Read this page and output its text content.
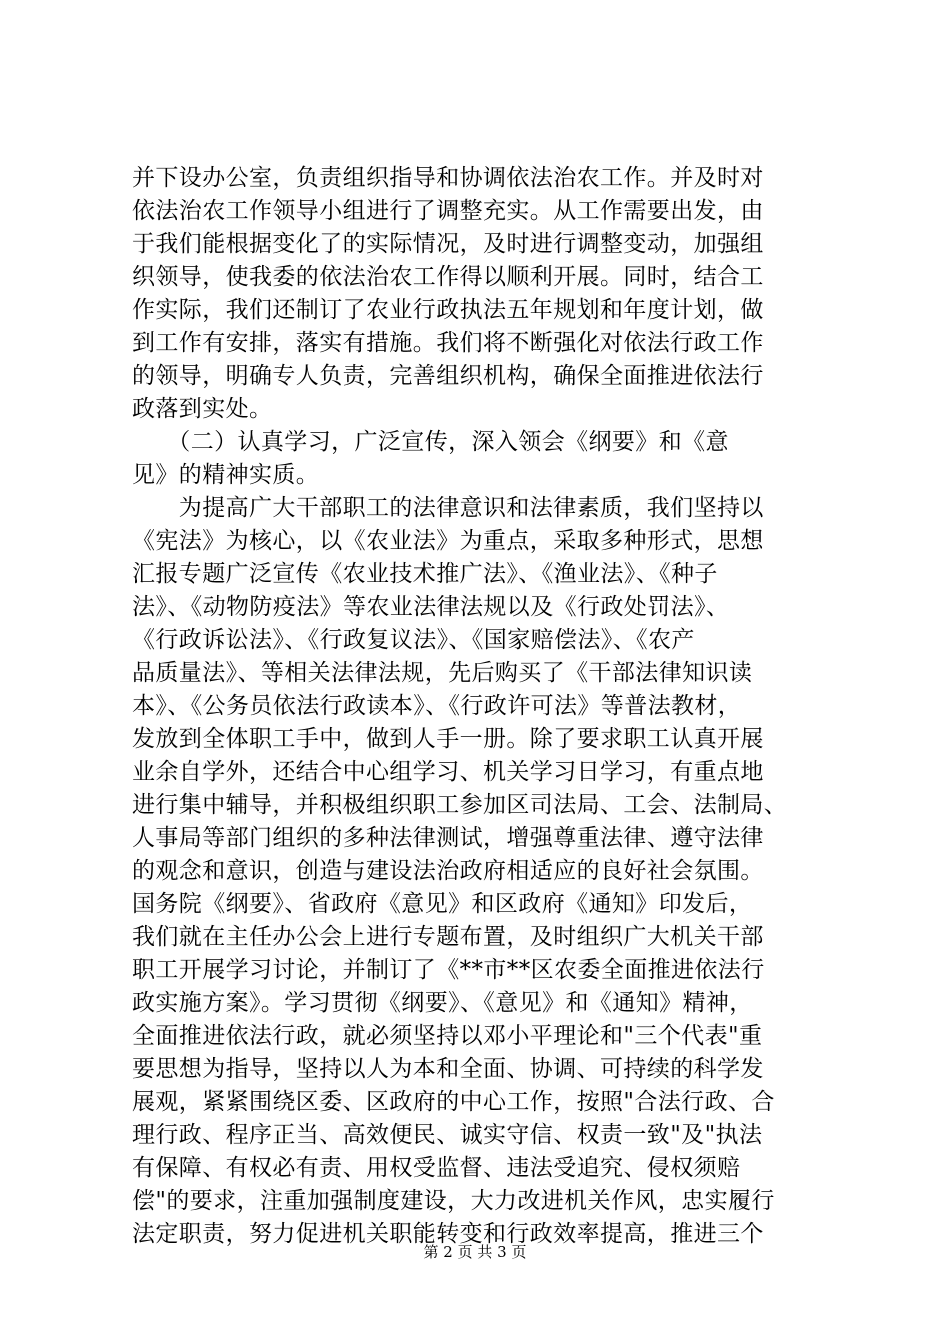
并下设办公室，负责组织指导和协调依法治农工作。并及时对
依法治农工作领导小组进行了调整充实。从工作需要出发，由
于我们能根据变化了的实际情况，及时进行调整变动，加强组
织领导，使我委的依法治农工作得以顺利开展。同时，结合工
作实际，我们还制订了农业行政执法五年规划和年度计划，做
到工作有安排，落实有措施。我们将不断强化对依法行政工作
的领导，明确专人负责，完善组织机构，确保全面推进依法行
政落到实处。
　　（二）认真学习，广泛宣传，深入领会《纲要》和《意
见》的精神实质。
　　为提高广大干部职工的法律意识和法律素质，我们坚持以
《宪法》为核心，以《农业法》为重点，采取多种形式，思想
汇报专题广泛宣传《农业技术推广法》、《渔业法》、《种子
法》、《动物防疫法》等农业法律法规以及《行政处罚法》、
《行政诉讼法》、《行政复议法》、《国家赔偿法》、《农产
品质量法》、等相关法律法规，先后购买了《干部法律知识读
本》、《公务员依法行政读本》、《行政许可法》等普法教材，
发放到全体职工手中，做到人手一册。除了要求职工认真开展
业余自学外，还结合中心组学习、机关学习日学习，有重点地
进行集中辅导，并积极组织职工参加区司法局、工会、法制局、
人事局等部门组织的多种法律测试，增强尊重法律、遵守法律
的观念和意识，创造与建设法治政府相适应的良好社会氛围。
国务院《纲要》、省政府《意见》和区政府《通知》印发后，
我们就在主任办公会上进行专题布置，及时组织广大机关干部
职工开展学习讨论，并制订了《**市**区农委全面推进依法行
政实施方案》。学习贯彻《纲要》、《意见》和《通知》精神，
全面推进依法行政，就必须坚持以邓小平理论和"三个代表"重
要思想为指导，坚持以人为本和全面、协调、可持续的科学发
展观，紧紧围绕区委、区政府的中心工作，按照"合法行政、合
理行政、程序正当、高效便民、诚实守信、权责一致"及"执法
有保障、有权必有责、用权受监督、违法受追究、侵权须赔
偿"的要求，注重加强制度建设，大力改进机关作风，忠实履行
法定职责，努力促进机关职能转变和行政效率提高，推进三个
第 2 页 共 3 页
